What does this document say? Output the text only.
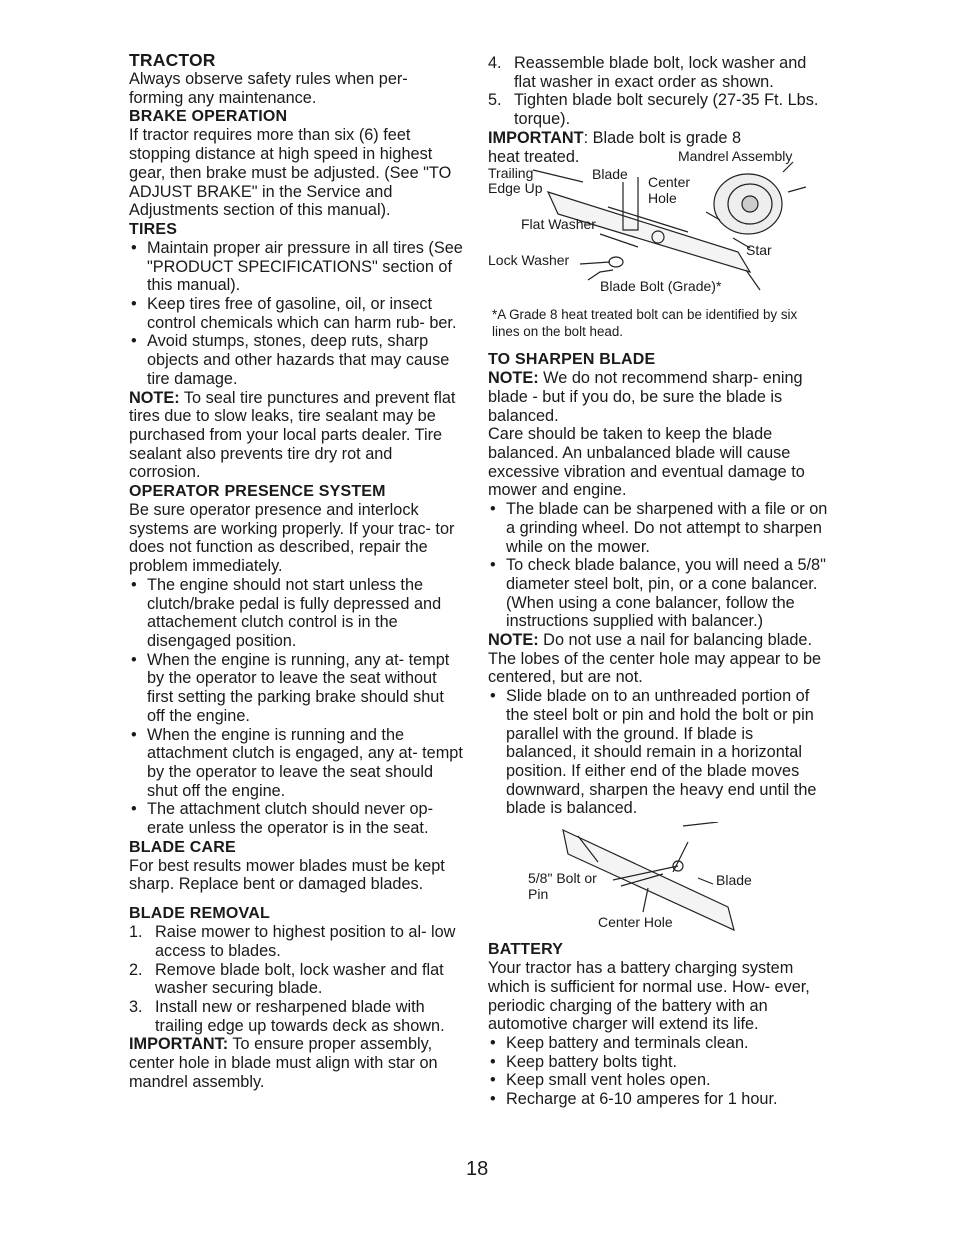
TRACTOR

Always observe safety rules when per- forming any maintenance.

BRAKE OPERATION

If tractor requires more than six (6) feet stopping distance at high speed in highest gear, then brake must be adjusted. (See "TO ADJUST BRAKE" in the Service and Adjustments section of this manual).

TIRES
• Maintain proper air pressure in all tires (See "PRODUCT SPECIFICATIONS" section of this manual).
• Keep tires free of gasoline, oil, or insect control chemicals which can harm rub- ber.
• Avoid stumps, stones, deep ruts, sharp objects and other hazards that may cause tire damage.

NOTE: To seal tire punctures and prevent flat tires due to slow leaks, tire sealant may be purchased from your local parts dealer. Tire sealant also prevents tire dry rot and corrosion.

OPERATOR PRESENCE SYSTEM

Be sure operator presence and interlock systems are working properly. If your trac- tor does not function as described, repair the problem immediately.

• The engine should not start unless the clutch/brake pedal is fully depressed and attachement clutch control is in the disengaged position.
• When the engine is running, any at- tempt by the operator to leave the seat without first setting the parking brake should shut off the engine.
• When the engine is running and the attachment clutch is engaged, any at- tempt by the operator to leave the seat should shut off the engine.
• The attachment clutch should never op- erate unless the operator is in the seat.
BLADE CARE

For best results mower blades must be kept sharp. Replace bent or damaged blades.

BLADE REMOVAL
1. Raise mower to highest position to al- low access to blades.
2. Remove blade bolt, lock washer and flat washer securing blade.
3. Install new or resharpened blade with trailing edge up towards deck as shown.

IMPORTANT: To ensure proper assembly, center hole in blade must align with star on mandrel assembly.

4. Reassemble blade bolt, lock washer and flat washer in exact order as shown.
5. Tighten blade bolt securely (27-35 Ft. Lbs. torque).

IMPORTANT: Blade bolt is grade 8 heat treated.	Mandrel Assembly
Trailing Edge Up
Blade Center Hole
Flat Washer
Star
Lock Washer
Blade Bolt (Grade)*

*A Grade 8 heat treated bolt can be identified by six lines on the bolt head.

TO SHARPEN BLADE

NOTE: We do not recommend sharp- ening blade - but if you do, be sure the blade is balanced.

Care should be taken to keep the blade balanced. An unbalanced blade will cause excessive vibration and eventual damage to mower and engine.

• The blade can be sharpened with a file or on a grinding wheel. Do not attempt to sharpen while on the mower.
• To check blade balance, you will need a 5/8" diameter steel bolt, pin, or a cone balancer. (When using a cone balancer, follow the instructions supplied with balancer.)

NOTE: Do not use a nail for balancing blade. The lobes of the center hole may appear to be centered, but are not.

• Slide blade on to an unthreaded portion of the steel bolt or pin and hold the bolt or pin parallel with the ground. If blade is balanced, it should remain in a horizontal position. If either end of the blade moves downward, sharpen the heavy end until the blade is balanced.
5/8" Bolt or Pin
Blade
Center Hole
BATTERY

Your tractor has a battery charging system which is sufficient for normal use. How- ever, periodic charging of the battery with an automotive charger will extend its life.

• Keep battery and terminals clean.
• Keep battery bolts tight.
• Keep small vent holes open.
• Recharge at 6-10 amperes for 1 hour.
18
